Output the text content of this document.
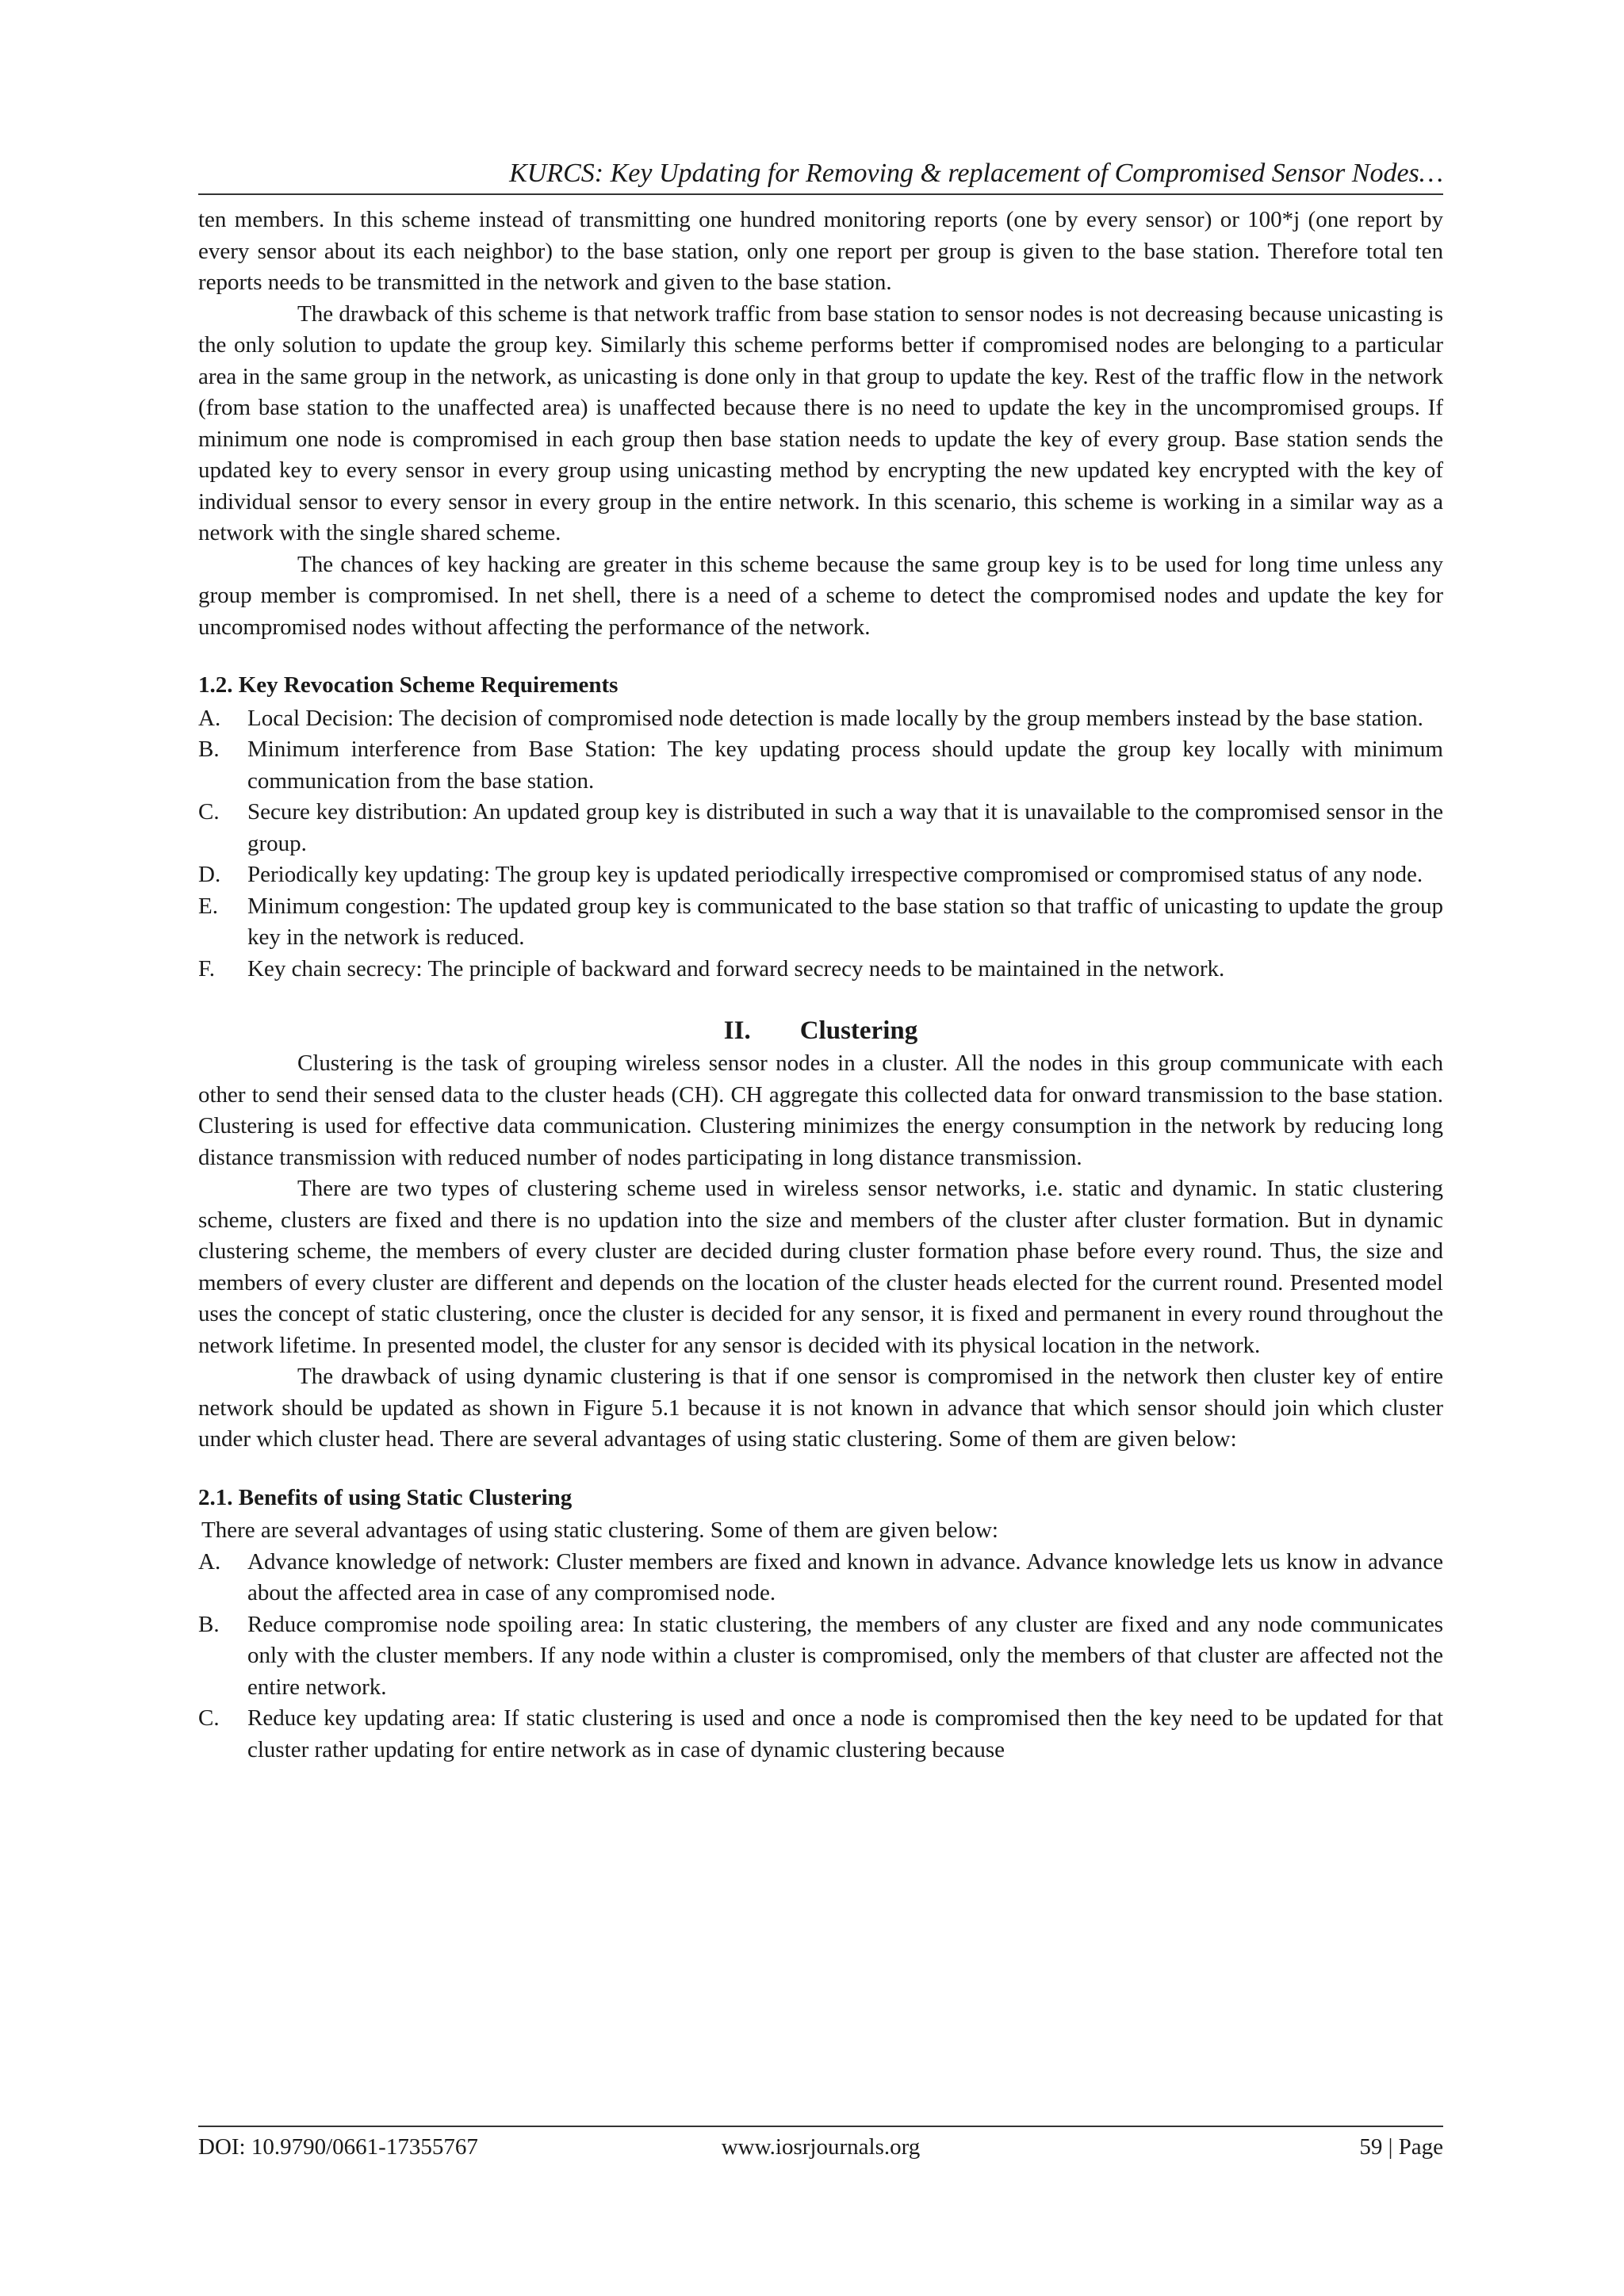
KURCS: Key Updating for Removing & replacement of Compromised Sensor Nodes…

ten members. In this scheme instead of transmitting one hundred monitoring reports (one by every sensor) or 100*j (one report by every sensor about its each neighbor) to the base station, only one report per group is given to the base station. Therefore total ten reports needs to be transmitted in the network and given to the base station.

The drawback of this scheme is that network traffic from base station to sensor nodes is not decreasing because unicasting is the only solution to update the group key. Similarly this scheme performs better if compromised nodes are belonging to a particular area in the same group in the network, as unicasting is done only in that group to update the key. Rest of the traffic flow in the network (from base station to the unaffected area) is unaffected because there is no need to update the key in the uncompromised groups. If minimum one node is compromised in each group then base station needs to update the key of every group. Base station sends the updated key to every sensor in every group using unicasting method by encrypting the new updated key encrypted with the key of individual sensor to every sensor in every group in the entire network. In this scenario, this scheme is working in a similar way as a network with the single shared scheme.

The chances of key hacking are greater in this scheme because the same group key is to be used for long time unless any group member is compromised. In net shell, there is a need of a scheme to detect the compromised nodes and update the key for uncompromised nodes without affecting the performance of the network.

1.2. Key Revocation Scheme Requirements
A. Local Decision: The decision of compromised node detection is made locally by the group members instead by the base station.
B. Minimum interference from Base Station: The key updating process should update the group key locally with minimum communication from the base station.
C. Secure key distribution: An updated group key is distributed in such a way that it is unavailable to the compromised sensor in the group.
D. Periodically key updating: The group key is updated periodically irrespective compromised or compromised status of any node.
E. Minimum congestion: The updated group key is communicated to the base station so that traffic of unicasting to update the group key in the network is reduced.
F. Key chain secrecy: The principle of backward and forward secrecy needs to be maintained in the network.
II. Clustering

Clustering is the task of grouping wireless sensor nodes in a cluster. All the nodes in this group communicate with each other to send their sensed data to the cluster heads (CH). CH aggregate this collected data for onward transmission to the base station. Clustering is used for effective data communication. Clustering minimizes the energy consumption in the network by reducing long distance transmission with reduced number of nodes participating in long distance transmission.

There are two types of clustering scheme used in wireless sensor networks, i.e. static and dynamic. In static clustering scheme, clusters are fixed and there is no updation into the size and members of the cluster after cluster formation. But in dynamic clustering scheme, the members of every cluster are decided during cluster formation phase before every round. Thus, the size and members of every cluster are different and depends on the location of the cluster heads elected for the current round. Presented model uses the concept of static clustering, once the cluster is decided for any sensor, it is fixed and permanent in every round throughout the network lifetime. In presented model, the cluster for any sensor is decided with its physical location in the network.

The drawback of using dynamic clustering is that if one sensor is compromised in the network then cluster key of entire network should be updated as shown in Figure 5.1 because it is not known in advance that which sensor should join which cluster under which cluster head. There are several advantages of using static clustering. Some of them are given below:

2.1. Benefits of using Static Clustering

There are several advantages of using static clustering. Some of them are given below:

A. Advance knowledge of network: Cluster members are fixed and known in advance. Advance knowledge lets us know in advance about the affected area in case of any compromised node.
B. Reduce compromise node spoiling area: In static clustering, the members of any cluster are fixed and any node communicates only with the cluster members. If any node within a cluster is compromised, only the members of that cluster are affected not the entire network.
C. Reduce key updating area: If static clustering is used and once a node is compromised then the key need to be updated for that cluster rather updating for entire network as in case of dynamic clustering because
DOI: 10.9790/0661-17355767	www.iosrjournals.org	59 | Page
